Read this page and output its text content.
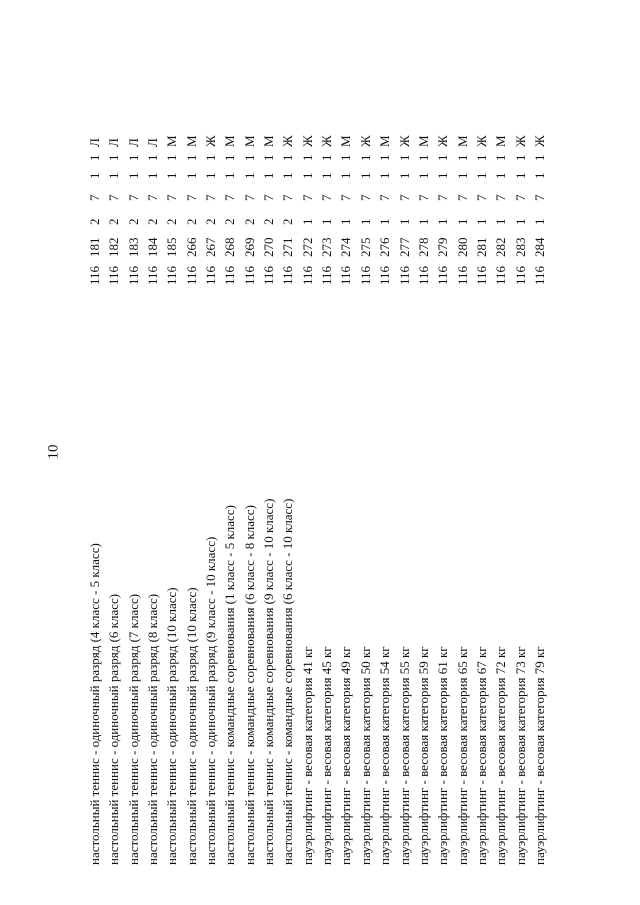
10
настольный теннис - одиночный разряд (4 класс - 5 класс)
116
181
2
7
1
1
Л
настольный теннис - одиночный разряд (6 класс)
116
182
2
7
1
1
Л
настольный теннис - одиночный разряд (7 класс)
116
183
2
7
1
1
Л
настольный теннис - одиночный разряд (8 класс)
116
184
2
7
1
1
Л
настольный теннис - одиночный разряд (10 класс)
116
185
2
7
1
1
М
настольный теннис - одиночный разряд (10 класс)
116
266
2
7
1
1
М
настольный теннис - одиночный разряд (9 класс - 10 класс)
116
267
2
7
1
1
Ж
настольный теннис - командные соревнования (1 класс - 5 класс)
116
268
2
7
1
1
М
настольный теннис - командные соревнования (6 класс - 8 класс)
116
269
2
7
1
1
М
настольный теннис - командные соревнования (9 класс - 10 класс)
116
270
2
7
1
1
М
настольный теннис - командные соревнования (6 класс - 10 класс)
116
271
2
7
1
1
Ж
пауэрлифтинг - весовая категория 41 кг
116
272
1
7
1
1
Ж
пауэрлифтинг - весовая категория 45 кг
116
273
1
7
1
1
Ж
пауэрлифтинг - весовая категория 49 кг
116
274
1
7
1
1
М
пауэрлифтинг - весовая категория 50 кг
116
275
1
7
1
1
Ж
пауэрлифтинг - весовая категория 54 кг
116
276
1
7
1
1
М
пауэрлифтинг - весовая категория 55 кг
116
277
1
7
1
1
Ж
пауэрлифтинг - весовая категория 59 кг
116
278
1
7
1
1
М
пауэрлифтинг - весовая категория 61 кг
116
279
1
7
1
1
Ж
пауэрлифтинг - весовая категория 65 кг
116
280
1
7
1
1
М
пауэрлифтинг - весовая категория 67 кг
116
281
1
7
1
1
Ж
пауэрлифтинг - весовая категория 72 кг
116
282
1
7
1
1
М
пауэрлифтинг - весовая категория 73 кг
116
283
1
7
1
1
Ж
пауэрлифтинг - весовая категория 79 кг
116
284
1
7
1
1
Ж
